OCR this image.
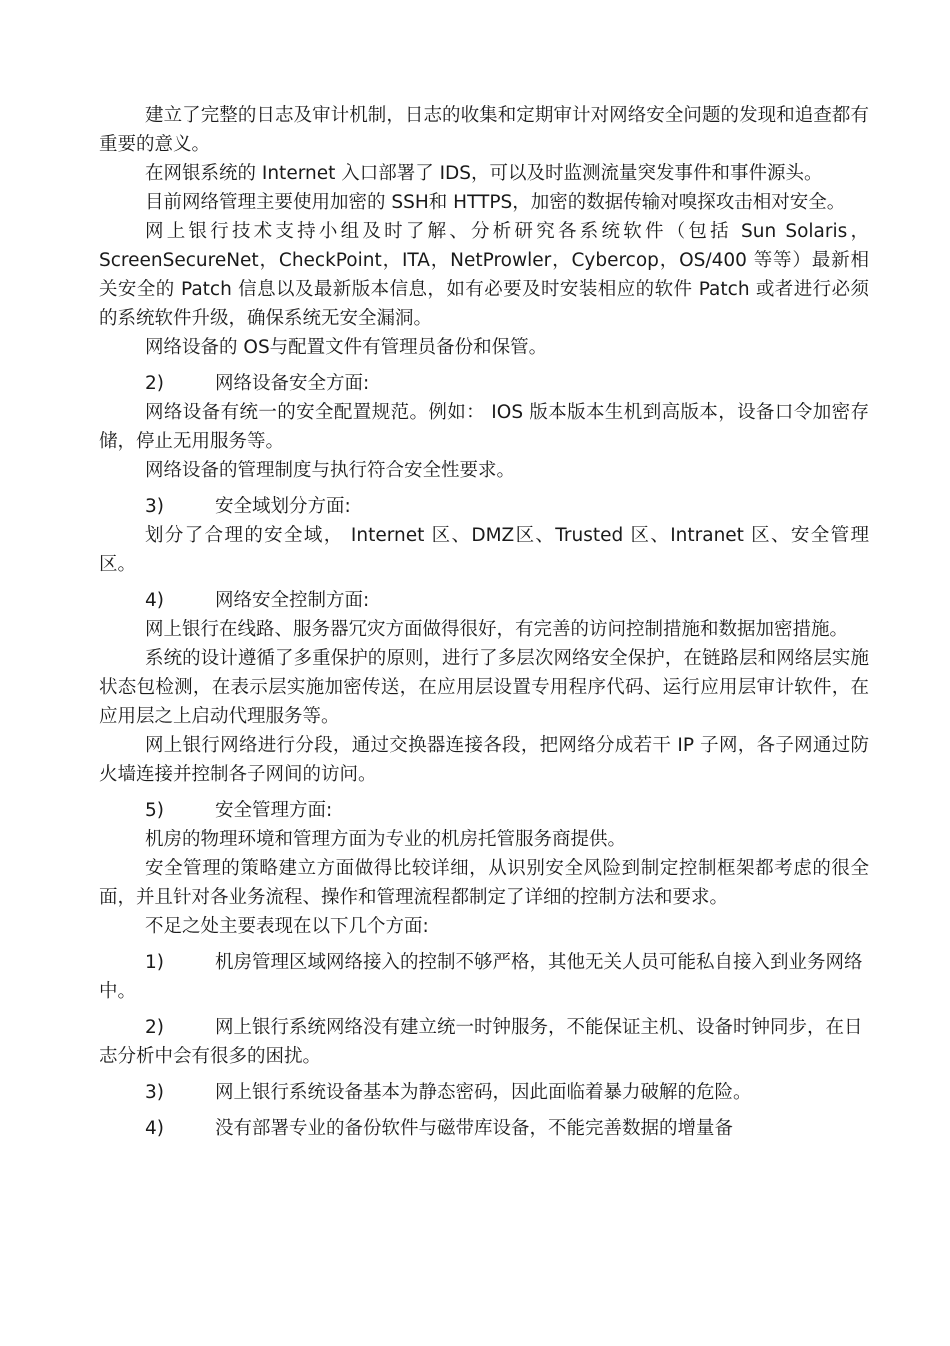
建立了完整的日志及审计机制，日志的收集和定期审计对网络安全问题的发现和追查都有重要的意义。

在网银系统的 Internet 入口部署了 IDS，可以及时监测流量突发事件和事件源头。

目前网络管理主要使用加密的 SSH和 HTTPS，加密的数据传输对嗅探攻击相对安全。

网上银行技术支持小组及时了解、分析研究各系统软件（包括 Sun Solaris，ScreenSecureNet，CheckPoint，ITA，NetProwler，Cybercop，OS/400 等等）最新相关安全的 Patch 信息以及最新版本信息，如有必要及时安装相应的软件 Patch 或者进行必须的系统软件升级，确保系统无安全漏洞。

网络设备的 OS与配置文件有管理员备份和保管。

2)	网络设备安全方面:

网络设备有统一的安全配置规范。例如： IOS 版本版本生机到高版本，设备口令加密存储，停止无用服务等。

网络设备的管理制度与执行符合安全性要求。

3)	安全域划分方面:

划分了合理的安全域， Internet 区、DMZ区、Trusted 区、Intranet 区、安全管理区。

4)	网络安全控制方面:

网上银行在线路、服务器冗灾方面做得很好，有完善的访问控制措施和数据加密措施。

系统的设计遵循了多重保护的原则，进行了多层次网络安全保护，在链路层和网络层实施状态包检测，在表示层实施加密传送，在应用层设置专用程序代码、运行应用层审计软件，在应用层之上启动代理服务等。

网上银行网络进行分段，通过交换器连接各段，把网络分成若干 IP 子网，各子网通过防火墙连接并控制各子网间的访问。

5)	安全管理方面:

机房的物理环境和管理方面为专业的机房托管服务商提供。

安全管理的策略建立方面做得比较详细，从识别安全风险到制定控制框架都考虑的很全面，并且针对各业务流程、操作和管理流程都制定了详细的控制方法和要求。

不足之处主要表现在以下几个方面:

1)	机房管理区域网络接入的控制不够严格，其他无关人员可能私自接入到业务网络中。

2)	网上银行系统网络没有建立统一时钟服务，不能保证主机、设备时钟同步，在日志分析中会有很多的困扰。

3)	网上银行系统设备基本为静态密码，因此面临着暴力破解的危险。

4)	没有部署专业的备份软件与磁带库设备，不能完善数据的增量备
